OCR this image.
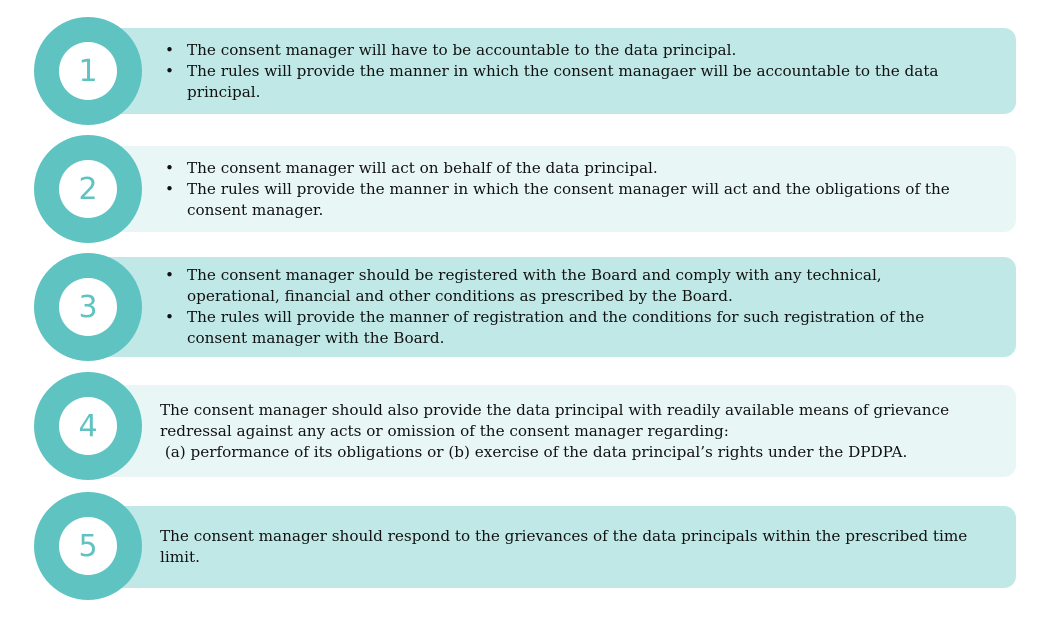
• The consent manager will have to be accountable to the data principal.
• The rules will provide the manner in which the consent managaer will be accountable to the data principal.
1
• The consent manager will act on behalf of the data principal.
• The rules will provide the manner in which the consent manager will act and the obligations of the consent manager.
2
• The consent manager should be registered with the Board and comply with any technical, operational, financial and other conditions as prescribed by the Board.
• The rules will provide the manner of registration and the conditions for such registration of the consent manager with the Board.
3

The consent manager should also provide the data principal with readily available means of grievance redressal against any acts or omission of the consent manager regarding:
(a) performance of its obligations or (b) exercise of the data principal’s rights under the DPDPA.

4

The consent manager should respond to the grievances of the data principals within the prescribed time limit.

5
